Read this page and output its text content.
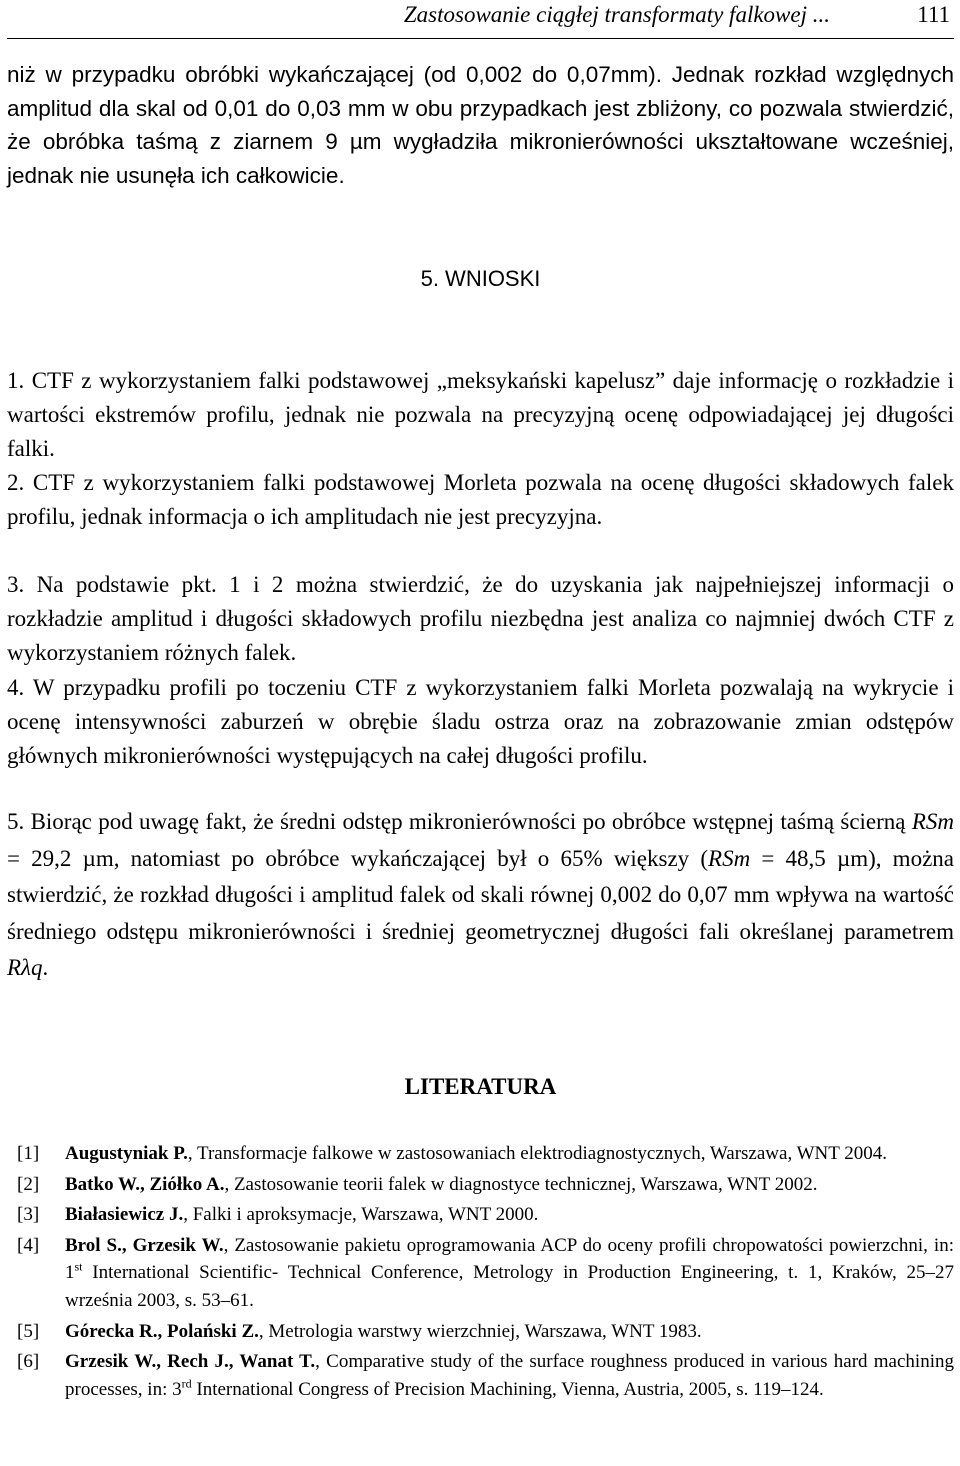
Zastosowanie ciągłej transformaty falkowej ...	111

niż w przypadku obróbki wykańczającej (od 0,002 do 0,07mm). Jednak rozkład względnych amplitud dla skal od 0,01 do 0,03 mm w obu przypadkach jest zbliżony, co pozwala stwierdzić, że obróbka taśmą z ziarnem 9 µm wygładziła mikronierówności ukształtowane wcześniej, jednak nie usunęła ich całkowicie.

5. WNIOSKI

1. CTF z wykorzystaniem falki podstawowej „meksykański kapelusz” daje informację o rozkładzie i wartości ekstremów profilu, jednak nie pozwala na precyzyjną ocenę odpowiadającej jej długości falki.

2. CTF z wykorzystaniem falki podstawowej Morleta pozwala na ocenę długości składowych falek profilu, jednak informacja o ich amplitudach nie jest precyzyjna.

3. Na podstawie pkt. 1 i 2 można stwierdzić, że do uzyskania jak najpełniejszej informacji o rozkładzie amplitud i długości składowych profilu niezbędna jest analiza co najmniej dwóch CTF z wykorzystaniem różnych falek.

4. W przypadku profili po toczeniu CTF z wykorzystaniem falki Morleta pozwalają na wykrycie i ocenę intensywności zaburzeń w obrębie śladu ostrza oraz na zobrazowanie zmian odstępów głównych mikronierówności występujących na całej długości profilu.

5. Biorąc pod uwagę fakt, że średni odstęp mikronierówności po obróbce wstępnej taśmą ścierną RSm = 29,2 µm, natomiast po obróbce wykańczającej był o 65% większy (RSm = 48,5 µm), można stwierdzić, że rozkład długości i amplitud falek od skali równej 0,002 do 0,07 mm wpływa na wartość średniego odstępu mikronierówności i średniej geometrycznej długości fali określanej parametrem Rλq.

LITERATURA

[1] Augustyniak P., Transformacje falkowe w zastosowaniach elektrodiagnostycznych, Warszawa, WNT 2004.

[2] Batko W., Ziółko A., Zastosowanie teorii falek w diagnostyce technicznej, Warszawa, WNT 2002.

[3] Białasiewicz J., Falki i aproksymacje, Warszawa, WNT 2000.

[4] Brol S., Grzesik W., Zastosowanie pakietu oprogramowania ACP do oceny profili chropowatości powierzchni, in: 1st International Scientific- Technical Conference, Metrology in Production Engineering, t. 1, Kraków, 25–27 września 2003, s. 53–61.

[5] Górecka R., Polański Z., Metrologia warstwy wierzchniej, Warszawa, WNT 1983.

[6] Grzesik W., Rech J., Wanat T., Comparative study of the surface roughness produced in various hard machining processes, in: 3rd International Congress of Precision Machining, Vienna, Austria, 2005, s. 119–124.
